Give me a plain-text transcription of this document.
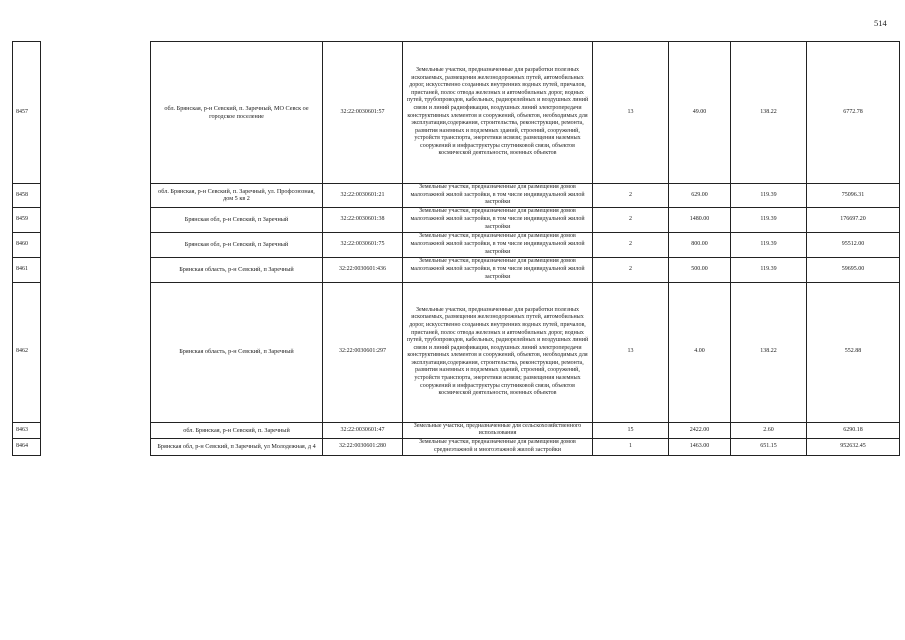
514
8457		обл. Брянская, р-н Севский, п. Заречный, МО Севск ое городское поселение	32:22:0030601:57	Земельные участки, предназначенные для разработки полезных ископаемых, размещения железнодорожных путей, автомобильных дорог, искусственно созданных внутренних водных путей, причалов, пристаней, полос отвода железных и автомобильных дорог, водных путей, трубопроводов, кабельных, радиорелейных и воздушных линий связи и линий радиофикации, воздушных линий электропередачи конструктивных элементов и сооружений, объектов, необходимых для эксплуатации,содержания, строительства, реконструкции, ремонта, развития наземных и подземных зданий, строений, сооружений, устройств транспорта, энергетики исвязи; размещения наземных сооружений и инфраструктуры спутниковой связи, объектов космической деятельности, военных объектов	13	49.00	138.22	6772.78
8458		обл. Брянская, р-н Севский, п. Заречный, ул. Профсоюзная, дом 5 кв 2	32:22:0030601:21	Земельные участки, предназначенные для размещения домов малоэтажной жилой застройки, в том числе индивидуальной жилой застройки	2	629.00	119.39	75096.31
8459		Брянская обл, р-н Севский, п Заречный	32:22:0030601:38	Земельные участки, предназначенные для размещения домов малоэтажной жилой застройки, в том числе индивидуальной жилой застройки	2	1480.00	119.39	176697.20
8460		Брянская обл, р-н Севский, п Заречный	32:22:0030601:75	Земельные участки, предназначенные для размещения домов малоэтажной жилой застройки, в том числе индивидуальной жилой застройки	2	800.00	119.39	95512.00
8461		Брянская область, р-н Севский, п Заречный	32:22:0030601:436	Земельные участки, предназначенные для размещения домов малоэтажной жилой застройки, в том числе индивидуальной жилой застройки	2	500.00	119.39	59695.00
8462		Брянская область, р-н Севский, п Заречный	32:22:0030601:297	Земельные участки, предназначенные для разработки полезных ископаемых, размещения железнодорожных путей, автомобильных дорог, искусственно созданных внутренних водных путей, причалов, пристаней, полос отвода железных и автомобильных дорог, водных путей, трубопроводов, кабельных, радиорелейных и воздушных линий связи и линий радиофикации, воздушных линий электропередачи конструктивных элементов и сооружений, объектов, необходимых для эксплуатации,содержания, строительства, реконструкции, ремонта, развития наземных и подземных зданий, строений, сооружений, устройств транспорта, энергетики исвязи; размещения наземных сооружений и инфраструктуры спутниковой связи, объектов космической деятельности, военных объектов	13	4.00	138.22	552.88
8463		обл. Брянская, р-н Севский, п. Заречный	32:22:0030601:47	Земельные участки, предназначенные для сельскохозяйственного использования	15	2422.00	2.60	6290.18
8464		Брянская обл, р-н Севский, п Заречный, ул Молодежная, д 4	32:22:0030601:280	Земельные участки, предназначенные для размещения домов среднеэтажной и многоэтажной жилой застройки	1	1463.00	651.15	952632.45
